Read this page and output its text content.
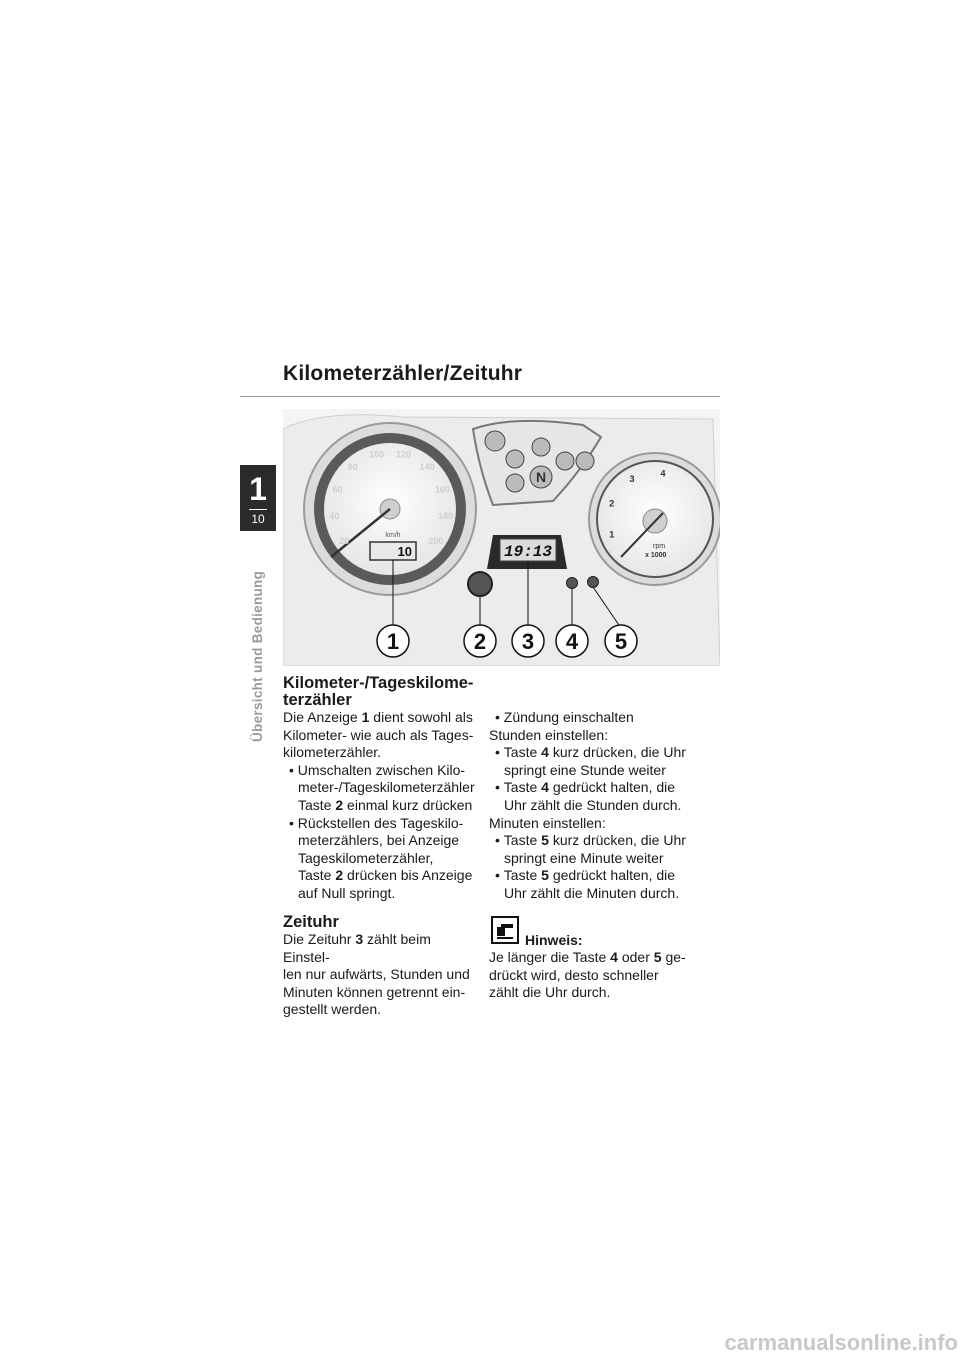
Kilometerzähler/Zeituhr
1
10
Übersicht und Bedienung
10
km/h
20
40
60
80
100 120
140
160
180
200
N
19:13	rpm
x 1000
1
2
3
4
1	2 3 4 5
Kilometer-/Tageskilome-
terzähler
Die Anzeige 1 dient sowohl als
Kilometer- wie auch als Tages-
kilometerzähler.
• Umschalten zwischen Kilo-
meter-/Tageskilometerzähler
Taste 2 einmal kurz drücken
• Rückstellen des Tageskilo-
meterzählers, bei Anzeige
Tageskilometerzähler,
Taste 2 drücken bis Anzeige
auf Null springt.
Zeituhr
Die Zeituhr 3 zählt beim Einstel-
len nur aufwärts, Stunden und
Minuten können getrennt ein-
gestellt werden.
• Zündung einschalten
Stunden einstellen:
• Taste 4 kurz drücken, die Uhr
springt eine Stunde weiter
• Taste 4 gedrückt halten, die
Uhr zählt die Stunden durch.
Minuten einstellen:
• Taste 5 kurz drücken, die Uhr
springt eine Minute weiter
• Taste 5 gedrückt halten, die
Uhr zählt die Minuten durch.
Hinweis:
Je länger die Taste 4 oder 5 ge-
drückt wird, desto schneller
zählt die Uhr durch.
carmanualsonline.info
